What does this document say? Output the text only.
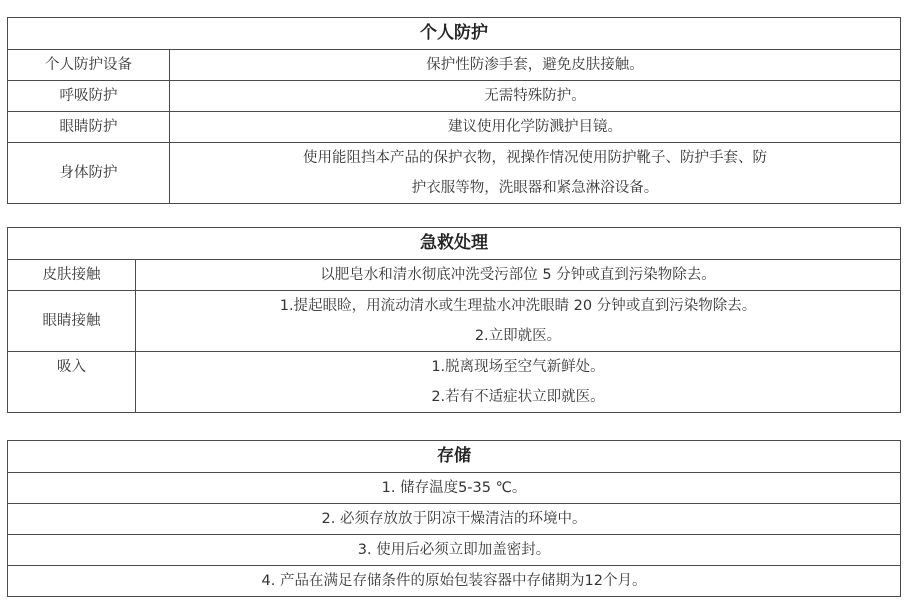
个人防护	
个人防护设备	保护性防渗手套，避免皮肤接触。
呼吸防护	无需特殊防护。
眼睛防护	建议使用化学防溅护目镜。
身体防护	使用能阻挡本产品的保护衣物，视操作情况使用防护靴子、防护手套、防
护衣服等物，洗眼器和紧急淋浴设备。
急救处理	
皮肤接触	以肥皂水和清水彻底冲洗受污部位 5 分钟或直到污染物除去。
眼睛接触	1.提起眼睑，用流动清水或生理盐水冲洗眼睛 20 分钟或直到污染物除去。
2.立即就医。

吸入	1.脱离现场至空气新鲜处。
2.若有不适症状立即就医。
存储
1. 储存温度5-35 ℃。
2. 必须存放放于阴凉干燥清洁的环境中。
3. 使用后必须立即加盖密封。
4. 产品在满足存储条件的原始包装容器中存储期为12个月。
